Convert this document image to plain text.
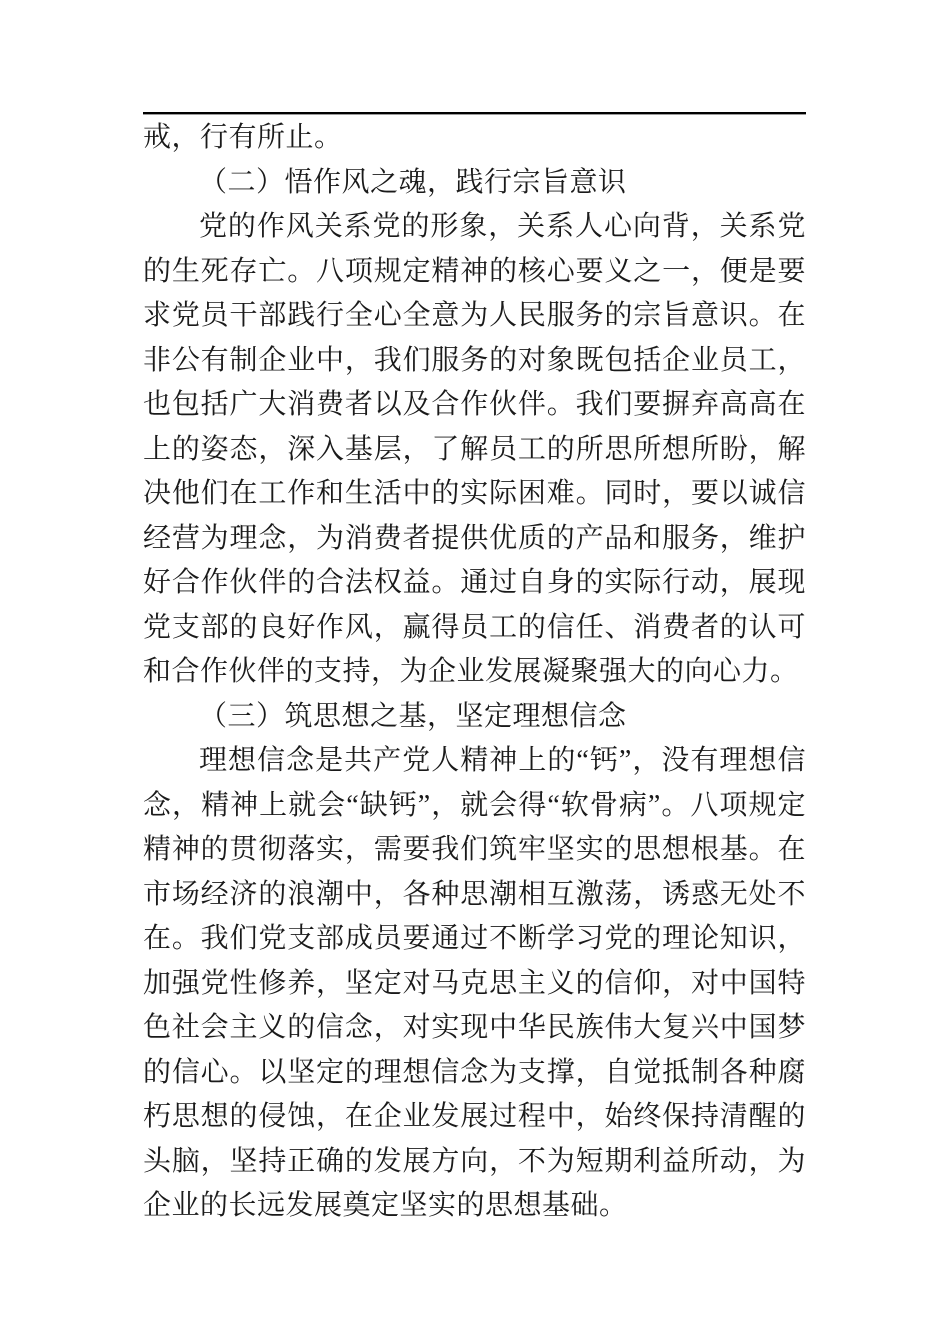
戒，行有所止。

（二）悟作风之魂，践行宗旨意识

党的作风关系党的形象，关系人心向背，关系党的生死存亡。八项规定精神的核心要义之一，便是要求党员干部践行全心全意为人民服务的宗旨意识。在非公有制企业中，我们服务的对象既包括企业员工，也包括广大消费者以及合作伙伴。我们要摒弃高高在上的姿态，深入基层，了解员工的所思所想所盼，解决他们在工作和生活中的实际困难。同时，要以诚信经营为理念，为消费者提供优质的产品和服务，维护好合作伙伴的合法权益。通过自身的实际行动，展现党支部的良好作风，赢得员工的信任、消费者的认可和合作伙伴的支持，为企业发展凝聚强大的向心力。

（三）筑思想之基，坚定理想信念

理想信念是共产党人精神上的“钙”，没有理想信念，精神上就会“缺钙”，就会得“软骨病”。八项规定精神的贯彻落实，需要我们筑牢坚实的思想根基。在市场经济的浪潮中，各种思潮相互激荡，诱惑无处不在。我们党支部成员要通过不断学习党的理论知识，加强党性修养，坚定对马克思主义的信仰，对中国特色社会主义的信念，对实现中华民族伟大复兴中国梦的信心。以坚定的理想信念为支撑，自觉抵制各种腐朽思想的侵蚀，在企业发展过程中，始终保持清醒的头脑，坚持正确的发展方向，不为短期利益所动，为企业的长远发展奠定坚实的思想基础。
